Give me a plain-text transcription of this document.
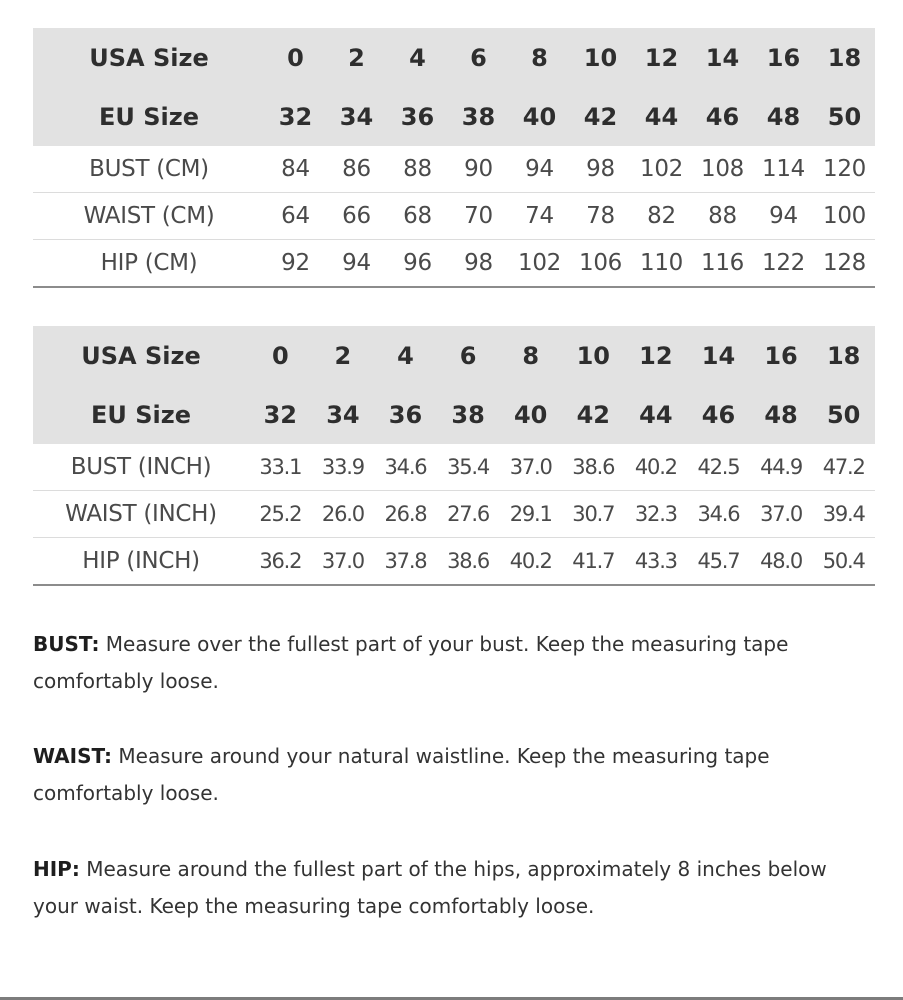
USA Size	0	2	4	6	8	10	12	14	16	18
EU Size	32	34	36	38	40	42	44	46	48	50
BUST (CM)	84	86	88	90	94	98	102	108	114	120
WAIST (CM)	64	66	68	70	74	78	82	88	94	100
HIP (CM)	92	94	96	98	102	106	110	116	122	128
USA Size	0	2	4	6	8	10	12	14	16	18
EU Size	32	34	36	38	40	42	44	46	48	50
BUST (INCH)	33.1	33.9	34.6	35.4	37.0	38.6	40.2	42.5	44.9	47.2
WAIST (INCH)	25.2	26.0	26.8	27.6	29.1	30.7	32.3	34.6	37.0	39.4
HIP (INCH)	36.2	37.0	37.8	38.6	40.2	41.7	43.3	45.7	48.0	50.4

BUST: Measure over the fullest part of your bust. Keep the measuring tape comfortably loose.

WAIST: Measure around your natural waistline. Keep the measuring tape comfortably loose.

HIP: Measure around the fullest part of the hips, approximately 8 inches below your waist. Keep the measuring tape comfortably loose.
